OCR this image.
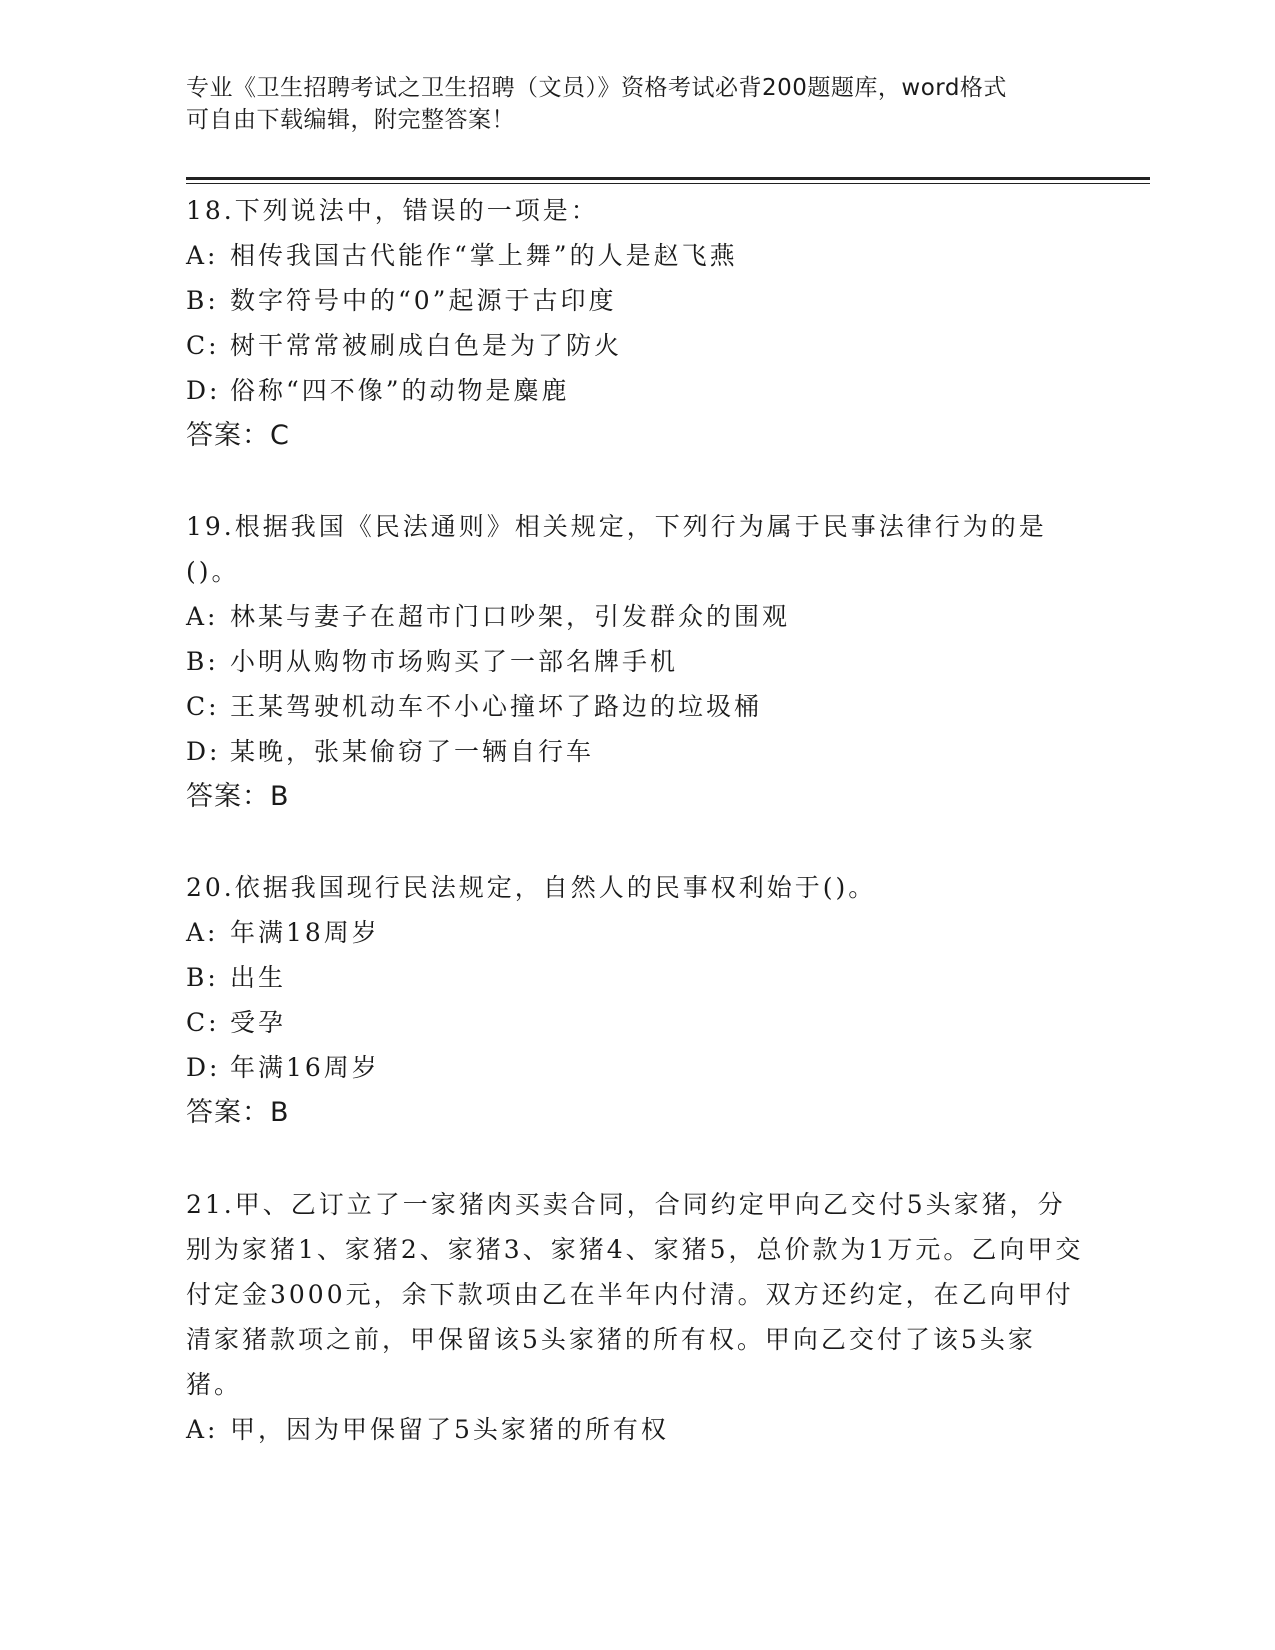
专业《卫生招聘考试之卫生招聘（文员）》资格考试必背200题题库，word格式
可自由下载编辑，附完整答案！

18.下列说法中，错误的一项是：

A: 相传我国古代能作“掌上舞”的人是赵飞燕
B: 数字符号中的“0”起源于古印度
C: 树干常常被刷成白色是为了防火
D: 俗称“四不像”的动物是麋鹿
答案：C

19.根据我国《民法通则》相关规定，下列行为属于民事法律行为的是()。

A: 林某与妻子在超市门口吵架，引发群众的围观
B: 小明从购物市场购买了一部名牌手机
C: 王某驾驶机动车不小心撞坏了路边的垃圾桶
D: 某晚，张某偷窃了一辆自行车
答案：B

20.依据我国现行民法规定，自然人的民事权利始于()。

A: 年满18周岁
B: 出生
C: 受孕
D: 年满16周岁
答案：B

21.甲、乙订立了一家猪肉买卖合同，合同约定甲向乙交付5头家猪，分别为家猪1、家猪2、家猪3、家猪4、家猪5，总价款为1万元。乙向甲交付定金3000元，余下款项由乙在半年内付清。双方还约定，在乙向甲付清家猪款项之前，甲保留该5头家猪的所有权。甲向乙交付了该5头家猪。

A: 甲，因为甲保留了5头家猪的所有权
